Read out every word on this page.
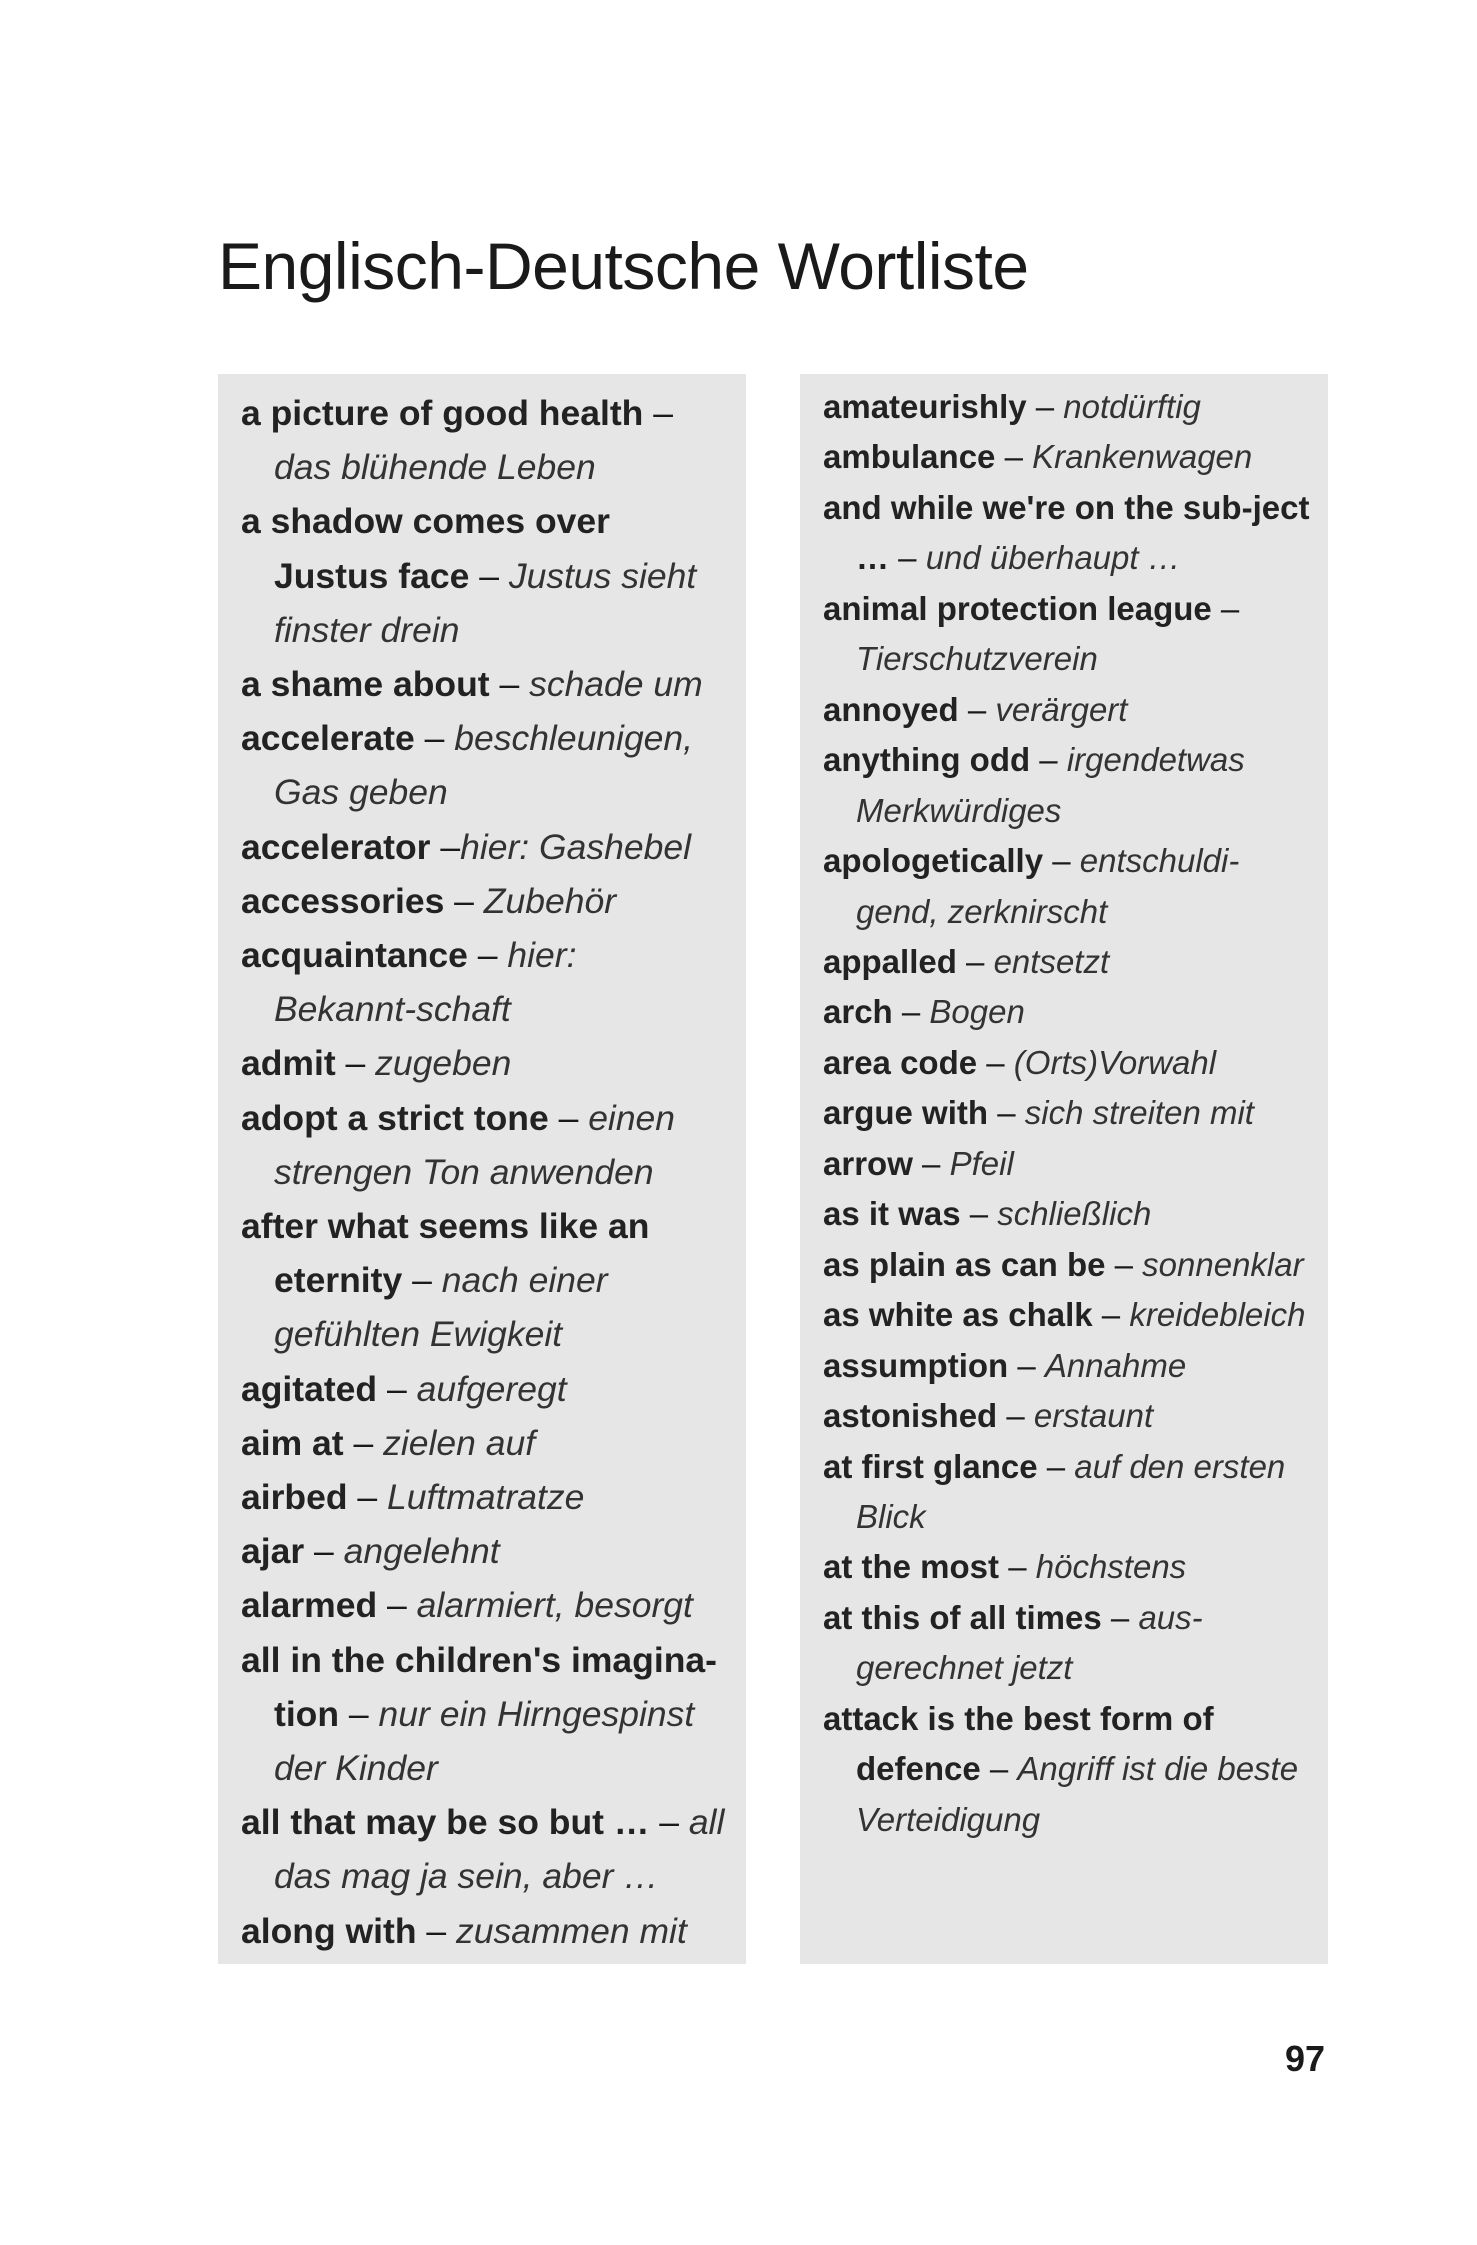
Englisch-Deutsche Wortliste

a picture of good health – das blühende Leben

a shadow comes over Justus face – Justus sieht finster drein

a shame about – schade um

accelerate – beschleunigen, Gas geben

accelerator –hier: Gashebel

accessories – Zubehör

acquaintance – hier: Bekannt-schaft

admit – zugeben

adopt a strict tone – einen strengen Ton anwenden

after what seems like an eternity – nach einer gefühlten Ewigkeit

agitated – aufgeregt

aim at – zielen auf

airbed – Luftmatratze

ajar – angelehnt

alarmed – alarmiert, besorgt

all in the children's imagina-tion – nur ein Hirngespinst der Kinder

all that may be so but … – all das mag ja sein, aber …

along with – zusammen mit

amateurishly – notdürftig

ambulance – Krankenwagen

and while we're on the sub-ject … – und überhaupt …

animal protection league – Tierschutzverein

annoyed – verärgert

anything odd – irgendetwas Merkwürdiges

apologetically – entschuldi-gend, zerknirscht

appalled – entsetzt

arch – Bogen

area code – (Orts)Vorwahl

argue with – sich streiten mit

arrow – Pfeil

as it was – schließlich

as plain as can be – sonnenklar

as white as chalk – kreidebleich

assumption – Annahme

astonished – erstaunt

at first glance – auf den ersten Blick

at the most – höchstens

at this of all times – aus-gerechnet jetzt

attack is the best form of defence – Angriff ist die beste Verteidigung

97
